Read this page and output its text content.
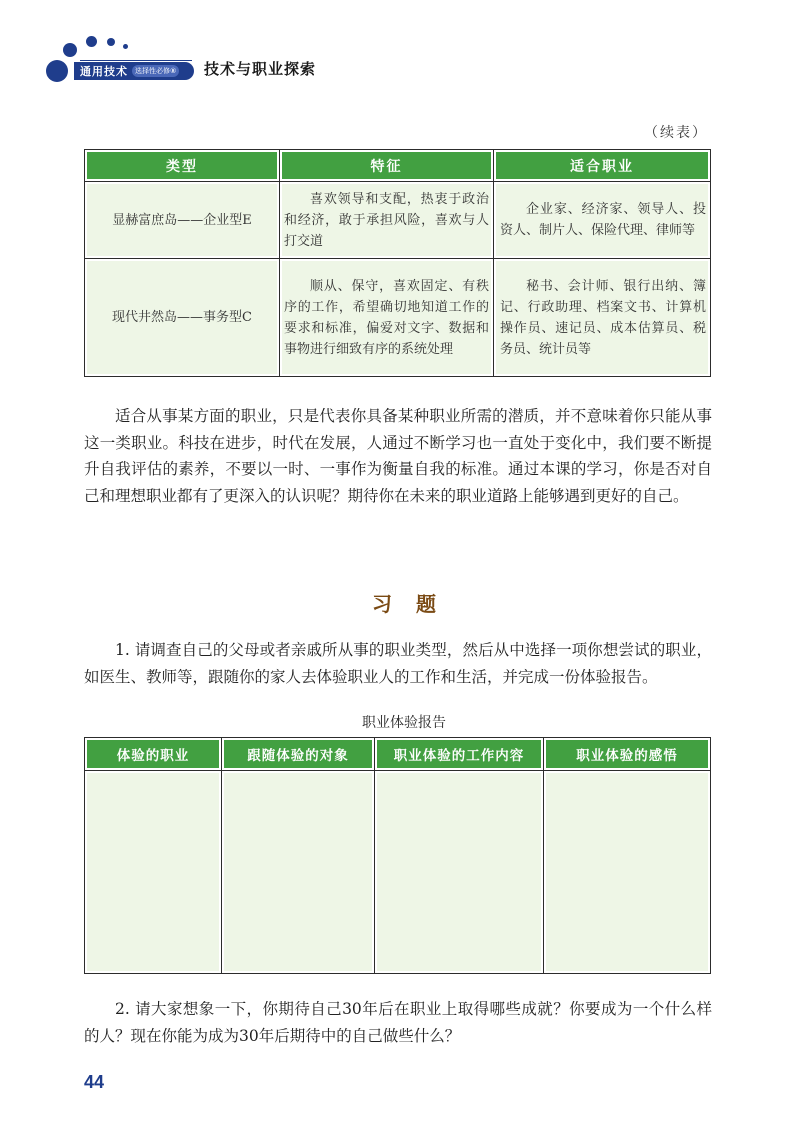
通用技术	选择性必修⑧ 技术与职业探索
（续表）
类型	特征	适合职业
显赫富庶岛——企业型E	喜欢领导和支配，热衷于政治和经济，敢于承担风险，喜欢与人打交道	企业家、经济家、领导人、投资人、制片人、保险代理、律师等
现代井然岛——事务型C	顺从、保守，喜欢固定、有秩序的工作，希望确切地知道工作的要求和标准，偏爱对文字、数据和事物进行细致有序的系统处理	秘书、会计师、银行出纳、簿记、行政助理、档案文书、计算机操作员、速记员、成本估算员、税务员、统计员等

适合从事某方面的职业，只是代表你具备某种职业所需的潜质，并不意味着你只能从事这一类职业。科技在进步，时代在发展，人通过不断学习也一直处于变化中，我们要不断提升自我评估的素养，不要以一时、一事作为衡量自我的标准。通过本课的学习，你是否对自己和理想职业都有了更深入的认识呢？期待你在未来的职业道路上能够遇到更好的自己。

习题

1. 请调查自己的父母或者亲戚所从事的职业类型，然后从中选择一项你想尝试的职业，如医生、教师等，跟随你的家人去体验职业人的工作和生活，并完成一份体验报告。

职业体验报告
体验的职业	跟随体验的对象	职业体验的工作内容	职业体验的感悟

2. 请大家想象一下，你期待自己30年后在职业上取得哪些成就？你要成为一个什么样的人？现在你能为成为30年后期待中的自己做些什么？

44
